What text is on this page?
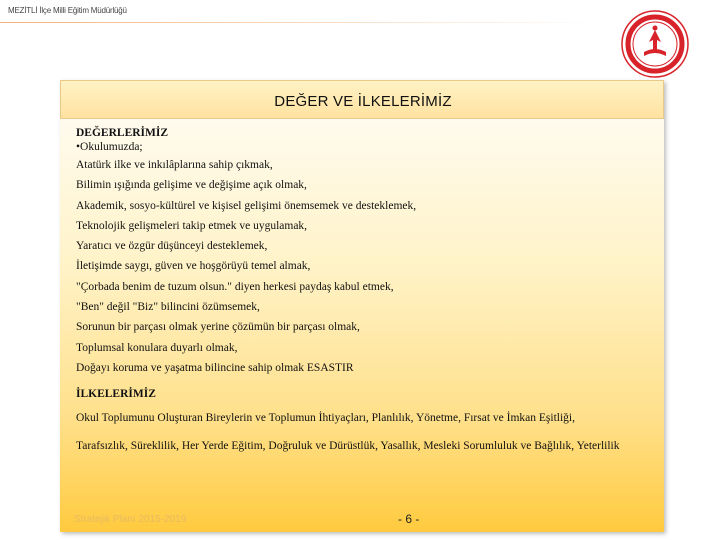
MEZİTLİ İlçe Milli Eğitim Müdürlüğü
DEĞER VE İLKELERİMİZ
DEĞERLERİMİZ
•Okulumuzda;
Atatürk ilke ve inkılâplarına sahip çıkmak,
Bilimin ışığında gelişime ve değişime açık olmak,
Akademik, sosyo-kültürel ve kişisel gelişimi önemsemek ve desteklemek,
Teknolojik gelişmeleri takip etmek ve uygulamak,
Yaratıcı ve özgür düşünceyi desteklemek,
İletişimde saygı, güven ve hoşgörüyü temel almak,
"Çorbada benim de tuzum olsun." diyen herkesi paydaş kabul etmek,
"Ben" değil "Biz" bilincini özümsemek,
Sorunun bir parçası olmak yerine çözümün bir parçası olmak,
Toplumsal konulara duyarlı olmak,
Doğayı koruma ve yaşatma bilincine sahip olmak ESASTIR
İLKELERİMİZ
Okul Toplumunu Oluşturan Bireylerin ve Toplumun İhtiyaçları, Planlılık, Yönetme, Fırsat ve İmkan Eşitliği,
Tarafsızlık, Süreklilik, Her Yerde Eğitim, Doğruluk ve Dürüstlük, Yasallık, Mesleki Sorumluluk ve Bağlılık, Yeterlilik
Stratejik Planı 2015-2019	- 6 -
